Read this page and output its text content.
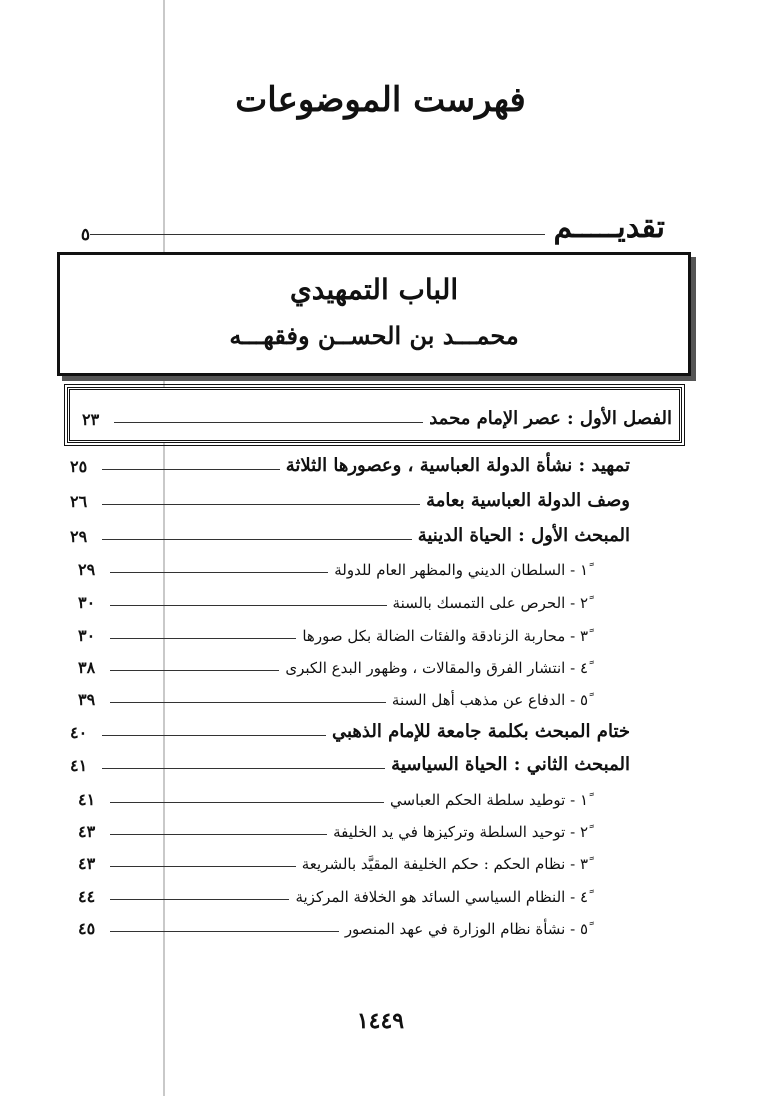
فهرست الموضوعات
تقديـــــم
٥
الباب التمهيدي
محمـــد بن الحســن وفقهـــه
الفصل الأول : عصر الإمام محمد
٢٣
تمهيد : نشأة الدولة العباسية ، وعصورها الثلاثة
٢٥
وصف الدولة العباسية بعامة
٢٦
المبحث الأول : الحياة الدينية
٢٩
١ً - السلطان الديني والمظهر العام للدولة
٢٩
٢ً - الحرص على التمسك بالسنة
٣٠
٣ً - محاربة الزنادقة والفئات الضالة بكل صورها
٣٠
٤ً - انتشار الفرق والمقالات ، وظهور البدع الكبرى
٣٨
٥ً - الدفاع عن مذهب أهل السنة
٣٩
ختام المبحث بكلمة جامعة للإمام الذهبي
٤٠
المبحث الثاني : الحياة السياسية
٤١
١ً - توطيد سلطة الحكم العباسي
٤١
٢ً - توحيد السلطة وتركيزها في يد الخليفة
٤٣
٣ً - نظام الحكم : حكم الخليفة المقيَّد بالشريعة
٤٣
٤ً - النظام السياسي السائد هو الخلافة المركزية
٤٤
٥ً - نشأة نظام الوزارة في عهد المنصور
٤٥
١٤٤٩
